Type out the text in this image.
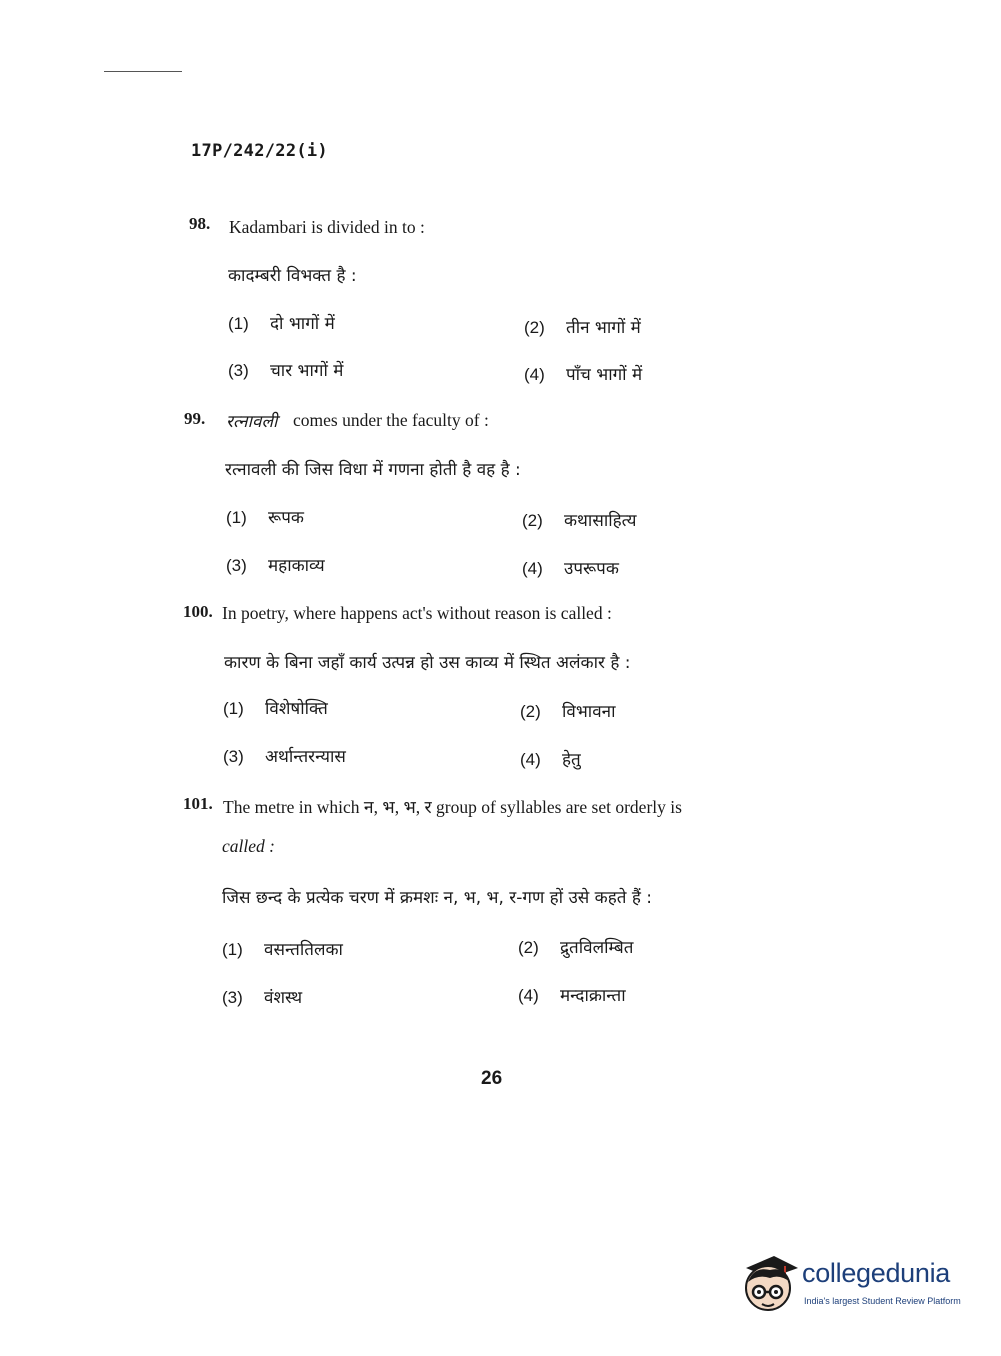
17P/242/22(i)
98. Kadambari is divided in to :
कादम्बरी विभक्त है :
(1) दो भागों में	(2) तीन भागों में
(3) चार भागों में	(4) पाँच भागों में
99. रत्नावली comes under the faculty of :
रत्नावली की जिस विधा में गणना होती है वह है :
(1) रूपक	(2) कथासाहित्य
(3) महाकाव्य	(4) उपरूपक
100. In poetry, where happens act's without reason is called :
कारण के बिना जहाँ कार्य उत्पन्न हो उस काव्य में स्थित अलंकार है :
(1) विशेषोक्ति	(2) विभावना
(3) अर्थान्तरन्यास	(4) हेतु
101. The metre in which न, भ, भ, र group of syllables are set orderly is
called :
जिस छन्द के प्रत्येक चरण में क्रमशः न, भ, भ, र-गण हों उसे कहते हैं :
(1) वसन्ततिलका	(2) द्रुतविलम्बित
(3) वंशस्थ	(4) मन्दाक्रान्ता
26
collegedunia
India's largest Student Review Platform
